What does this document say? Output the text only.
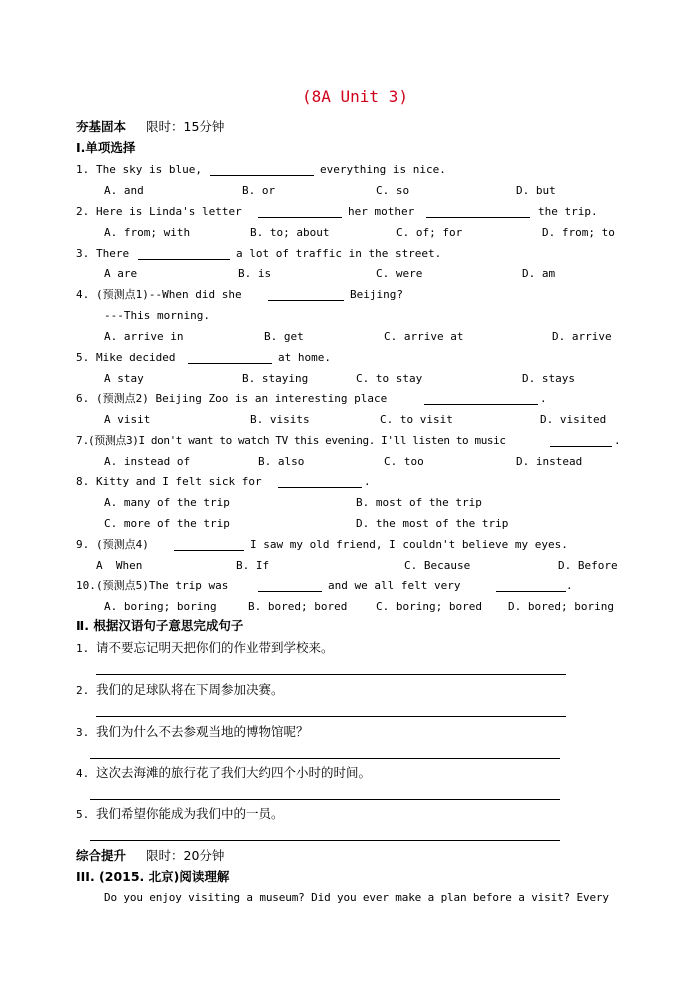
(8A Unit 3)
夯基固本 限时：15分钟
I.单项选择
1. The sky is blue,	everything is nice.
A. and	B. or	C. so	D. but
2. Here is Linda's letter	her mother	the trip.
A. from; with	B. to; about	C. of; for	D. from; to
3. There	a lot of traffic in the street.
A are	B. is	C. were	D. am
4. (预测点1)--When did she	Beijing?
---This morning.
A. arrive in	B. get	C. arrive at	D. arrive
5. Mike decided	at home.
A stay	B. staying	C. to stay	D. stays
6. (预测点2) Beijing Zoo is an interesting place	.
A visit	B. visits	C. to visit	D. visited
7.
(预测点3)I don't want to watch TV this evening. I'll listen to music	.
A. instead of	B. also	C. too	D. instead
8. Kitty and I felt sick for	.
A. many of the trip	B. most of the trip
C. more of the trip	D. the most of the trip
9. (预测点4)	I saw my old friend, I couldn't believe my eyes.
A  When	B. If	C. Because	D. Before
10. (预测点5)The trip was	and we all felt very	.
A. boring; boring	B. bored; bored	C. boring; bored D. bored; boring
Ⅱ. 根据汉语句子意思完成句子
1. 请不要忘记明天把你们的作业带到学校来。
2. 我们的足球队将在下周参加决赛。
3. 我们为什么不去参观当地的博物馆呢？
4. 这次去海滩的旅行花了我们大约四个小时的时间。
5. 我们希望你能成为我们中的一员。
综合提升 限时：20分钟
III. (2015. 北京)阅读理解
Do you enjoy visiting a museum? Did you ever make a plan before a visit? Every
